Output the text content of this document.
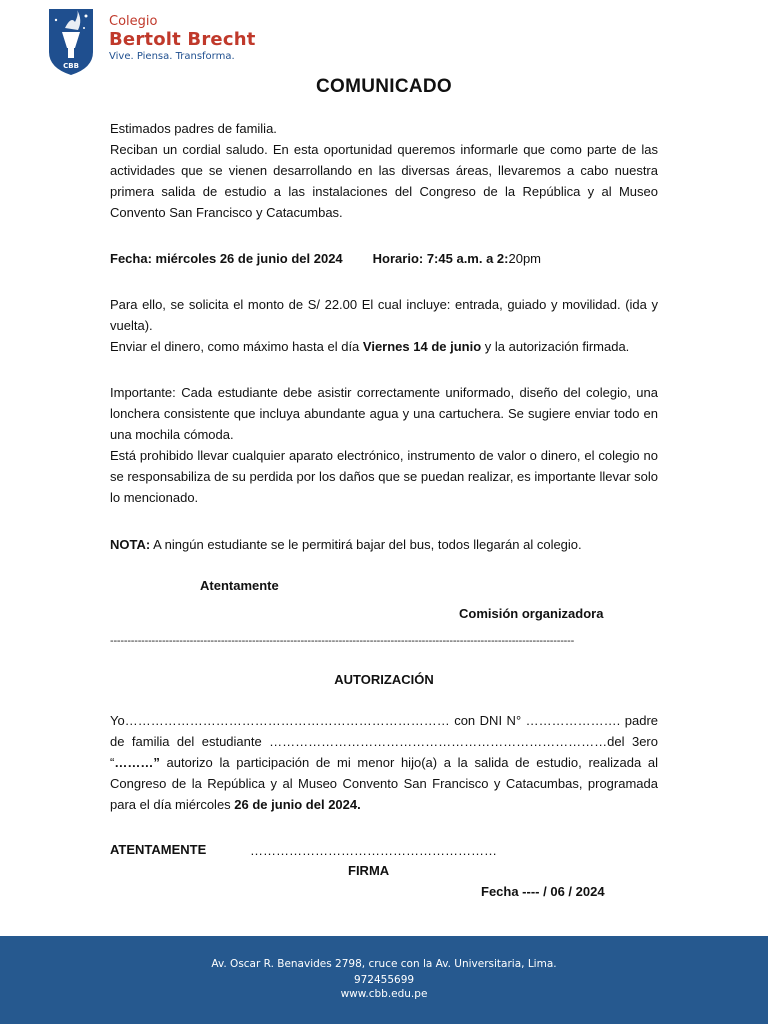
CBB
Colegio
Bertolt Brecht
Vive. Piensa. Transforma.
COMUNICADO
Estimados padres de familia.
Reciban un cordial saludo. En esta oportunidad queremos informarle que como parte de las actividades que se vienen desarrollando en las diversas áreas, llevaremos a cabo nuestra primera salida de estudio a las instalaciones del Congreso de la República y al Museo Convento San Francisco y Catacumbas.
Fecha: miércoles 26 de junio del 2024 Horario: 7:45 a.m. a 2:20pm
Para ello, se solicita el monto de S/ 22.00 El cual incluye: entrada, guiado y movilidad. (ida y vuelta).
Enviar el dinero, como máximo hasta el día Viernes 14 de junio y la autorización firmada.
Importante: Cada estudiante debe asistir correctamente uniformado, diseño del colegio, una lonchera consistente que incluya abundante agua y una cartuchera. Se sugiere enviar todo en una mochila cómoda.
Está prohibido llevar cualquier aparato electrónico, instrumento de valor o dinero, el colegio no se responsabiliza de su perdida por los daños que se puedan realizar, es importante llevar solo lo mencionado.
NOTA: A ningún estudiante se le permitirá bajar del bus, todos llegarán al colegio.
Atentamente
Comisión organizadora
--------------------------------------------------------------------------------------------------------------------------------------
AUTORIZACIÓN
Yo………………………………………………………………… con DNI N° …………………. padre de familia del estudiante ……………………………………………………………………del 3ero “………” autorizo la participación de mi menor hijo(a) a la salida de estudio, realizada al Congreso de la República y al Museo Convento San Francisco y Catacumbas, programada para el día miércoles 26 de junio del 2024.
ATENTAMENTE	…………………………………………………
FIRMA
Fecha ---- / 06 / 2024
Av. Oscar R. Benavides 2798, cruce con la Av. Universitaria, Lima.
972455699
www.cbb.edu.pe
